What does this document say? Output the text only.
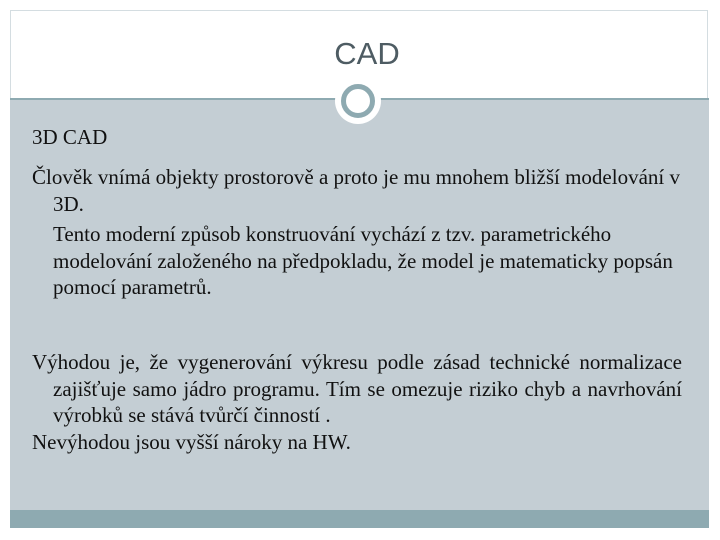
CAD
3D CAD

Člověk vnímá objekty prostorově a proto je mu mnohem bližší modelování v 3D.

Tento moderní způsob konstruování vychází z tzv. parametrického modelování založeného na předpokladu, že model je matematicky popsán pomocí parametrů.

Výhodou je, že vygenerování výkresu podle zásad technické normalizace zajišťuje samo jádro programu. Tím se omezuje riziko chyb a navrhování výrobků se stává tvůrčí činností .

Nevýhodou jsou vyšší nároky na HW.
